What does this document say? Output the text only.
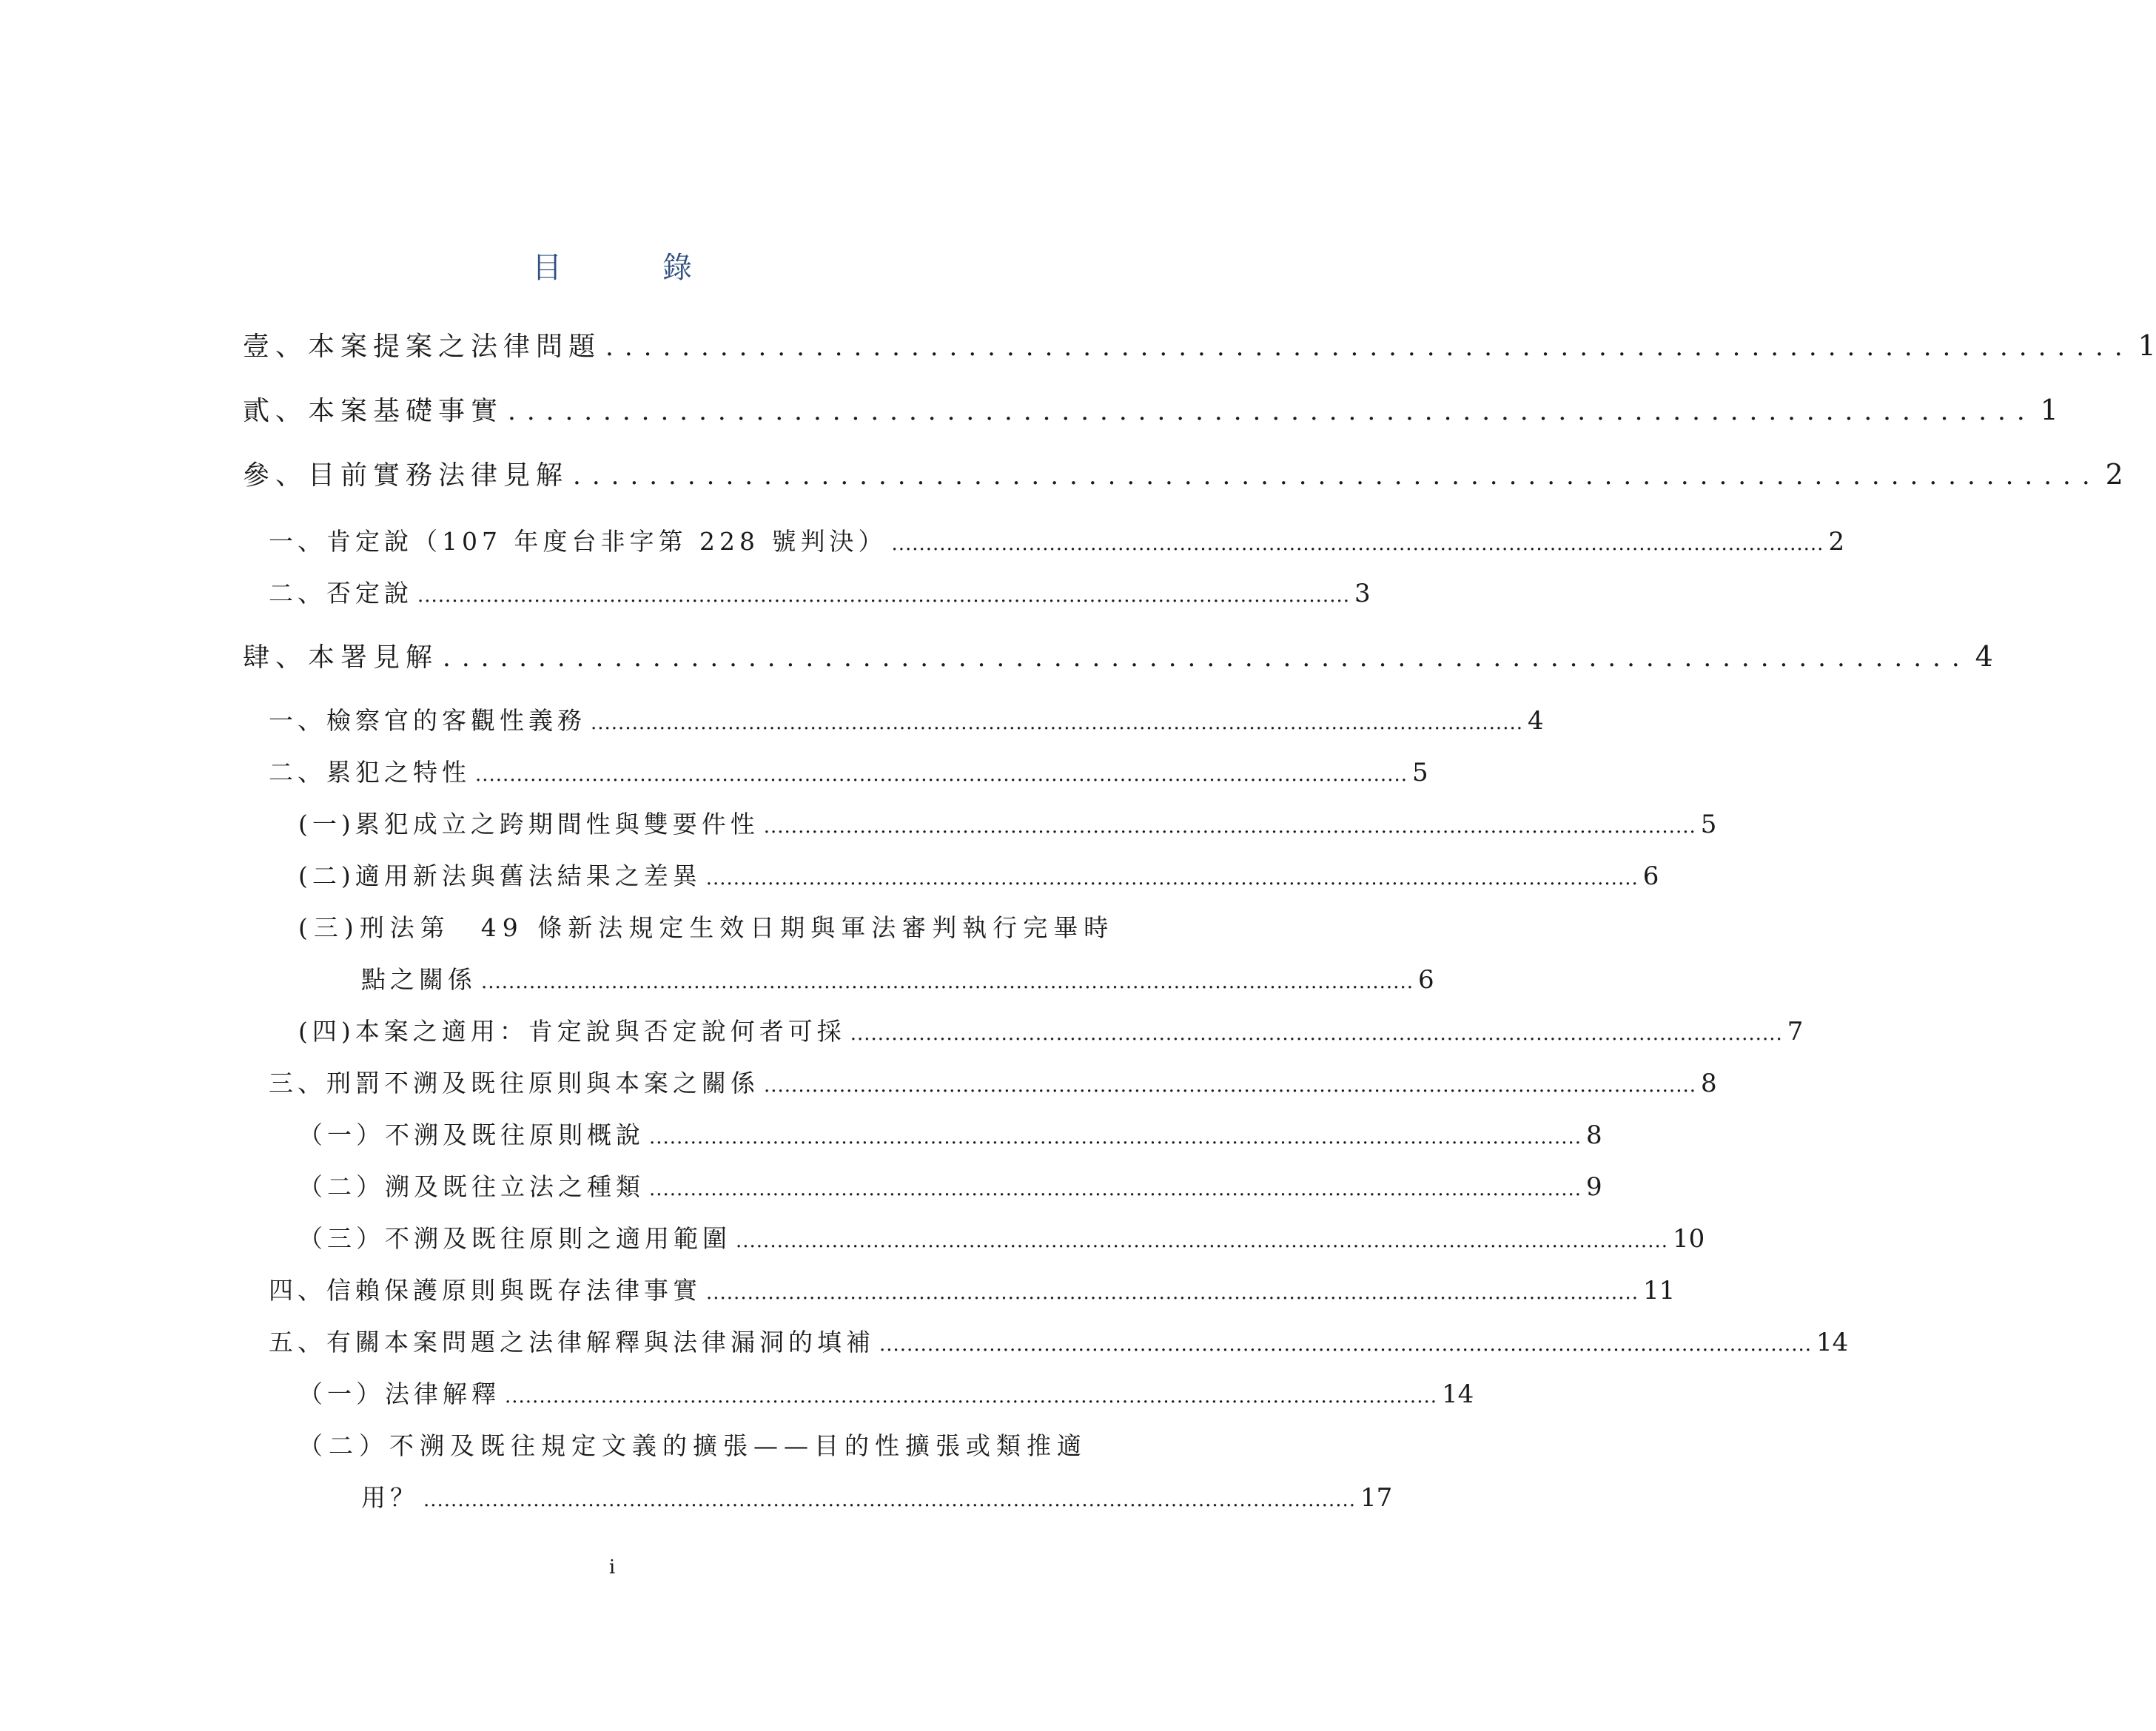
目　錄
壹、本案提案之法律問題 ................................................................................ 1
貳、本案基礎事實 ................................................................................ 1
參、目前實務法律見解 ................................................................................ 2
一、肯定說（107 年度台非字第 228 號判決） ........................................................................................................................................ 2
二、否定說 ........................................................................................................................................ 3
肆、本署見解 ................................................................................ 4
一、檢察官的客觀性義務 ........................................................................................................................................ 4
二、累犯之特性 ........................................................................................................................................ 5
(一)累犯成立之跨期間性與雙要件性 ........................................................................................................................................ 5
(二)適用新法與舊法結果之差異 ........................................................................................................................................ 6
(三)刑法第　49 條新法規定生效日期與軍法審判執行完畢時
點之關係 ........................................................................................................................................ 6
(四)本案之適用：肯定說與否定說何者可採 ........................................................................................................................................ 7
三、刑罰不溯及既往原則與本案之關係 ........................................................................................................................................ 8
（一）不溯及既往原則概說 ........................................................................................................................................ 8
（二）溯及既往立法之種類 ........................................................................................................................................ 9
（三）不溯及既往原則之適用範圍 ........................................................................................................................................ 10
四、信賴保護原則與既存法律事實 ........................................................................................................................................ 11
五、有關本案問題之法律解釋與法律漏洞的填補 ........................................................................................................................................ 14
（一）法律解釋 ........................................................................................................................................ 14
（二）不溯及既往規定文義的擴張——目的性擴張或類推適
用？ ........................................................................................................................................ 17
i
